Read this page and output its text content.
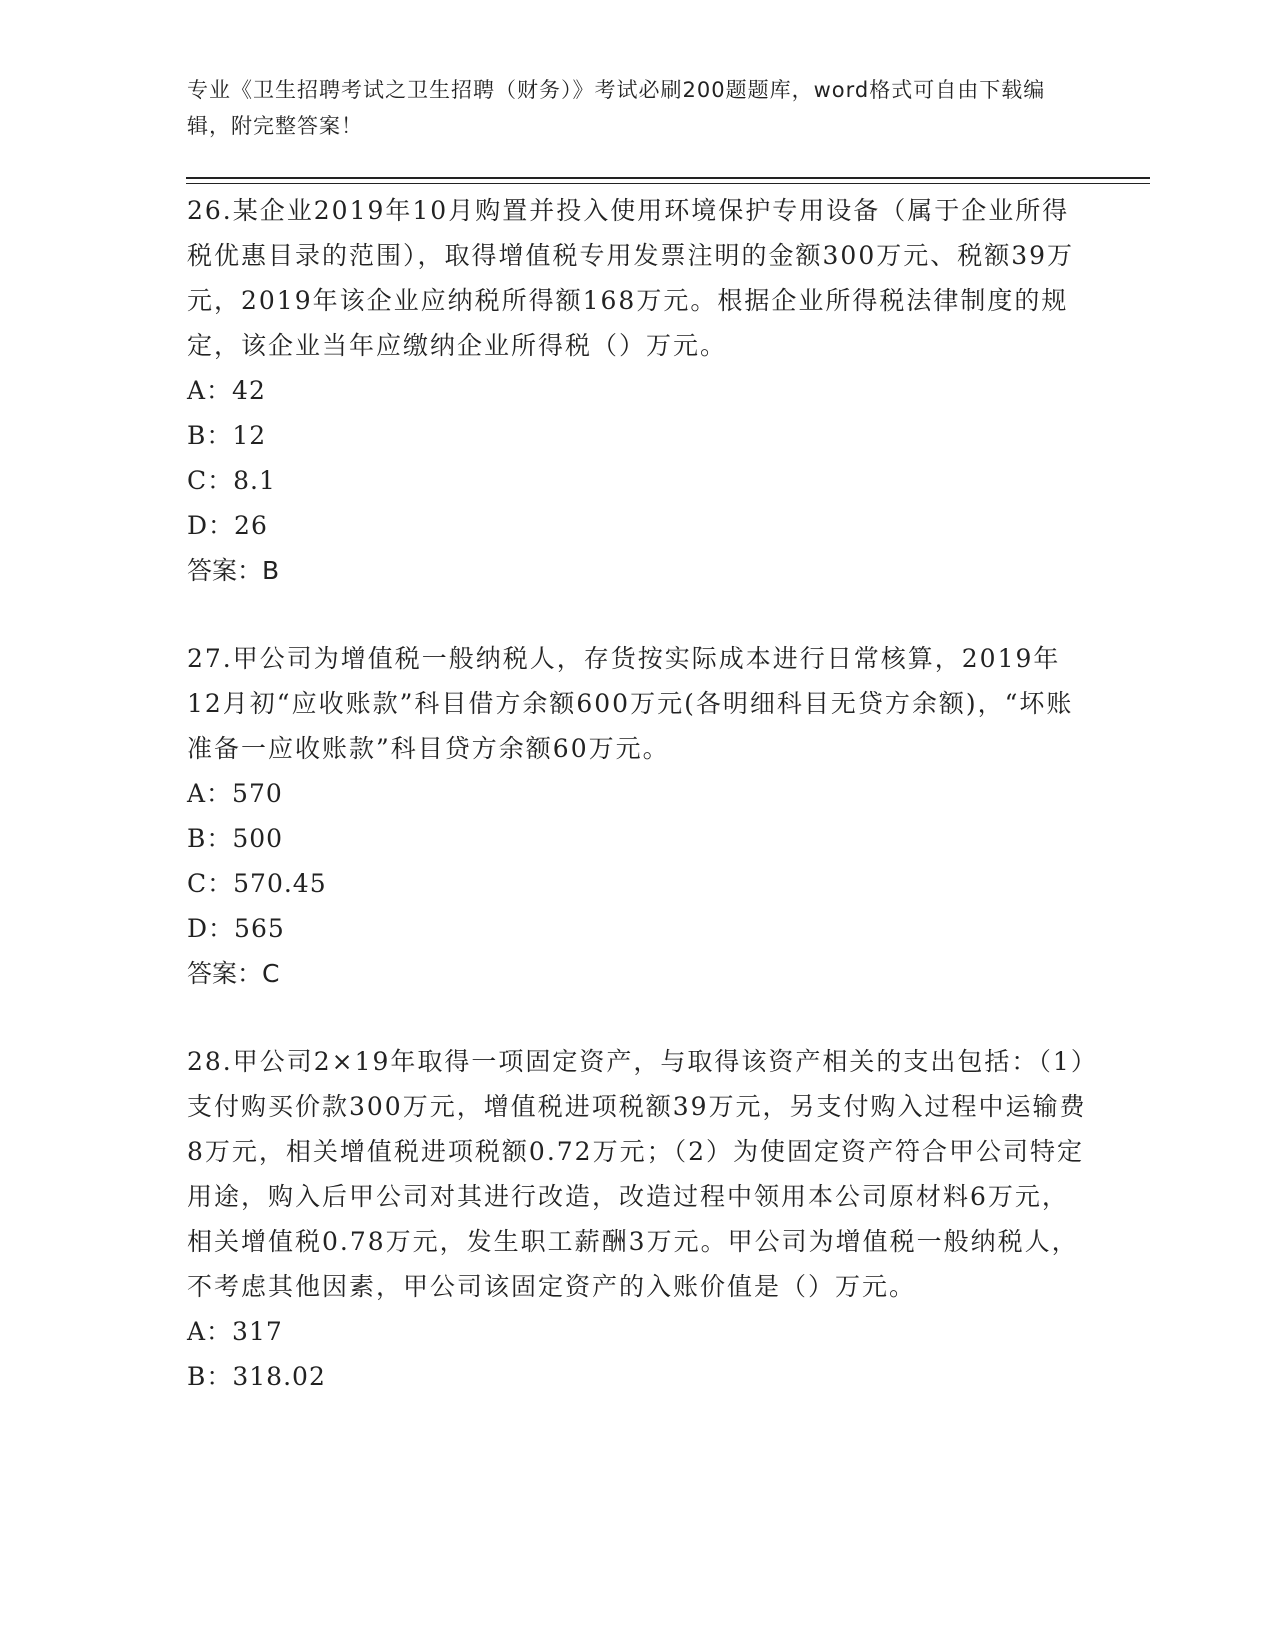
专业《卫生招聘考试之卫生招聘（财务）》考试必刷200题题库，word格式可自由下载编辑，附完整答案！

26.某企业2019年10月购置并投入使用环境保护专用设备（属于企业所得税优惠目录的范围），取得增值税专用发票注明的金额300万元、税额39万元，2019年该企业应纳税所得额168万元。根据企业所得税法律制度的规定，该企业当年应缴纳企业所得税（）万元。

A：42

B：12

C：8.1

D：26

答案：B

27.甲公司为增值税一般纳税人，存货按实际成本进行日常核算，2019年12月初“应收账款”科目借方余额600万元(各明细科目无贷方余额)，“坏账准备一应收账款”科目贷方余额60万元。

A：570

B：500

C：570.45

D：565

答案：C

28.甲公司2×19年取得一项固定资产，与取得该资产相关的支出包括：（1）支付购买价款300万元，增值税进项税额39万元，另支付购入过程中运输费8万元，相关增值税进项税额0.72万元；（2）为使固定资产符合甲公司特定用途，购入后甲公司对其进行改造，改造过程中领用本公司原材料6万元，相关增值税0.78万元，发生职工薪酬3万元。甲公司为增值税一般纳税人，不考虑其他因素，甲公司该固定资产的入账价值是（）万元。

A：317

B：318.02
